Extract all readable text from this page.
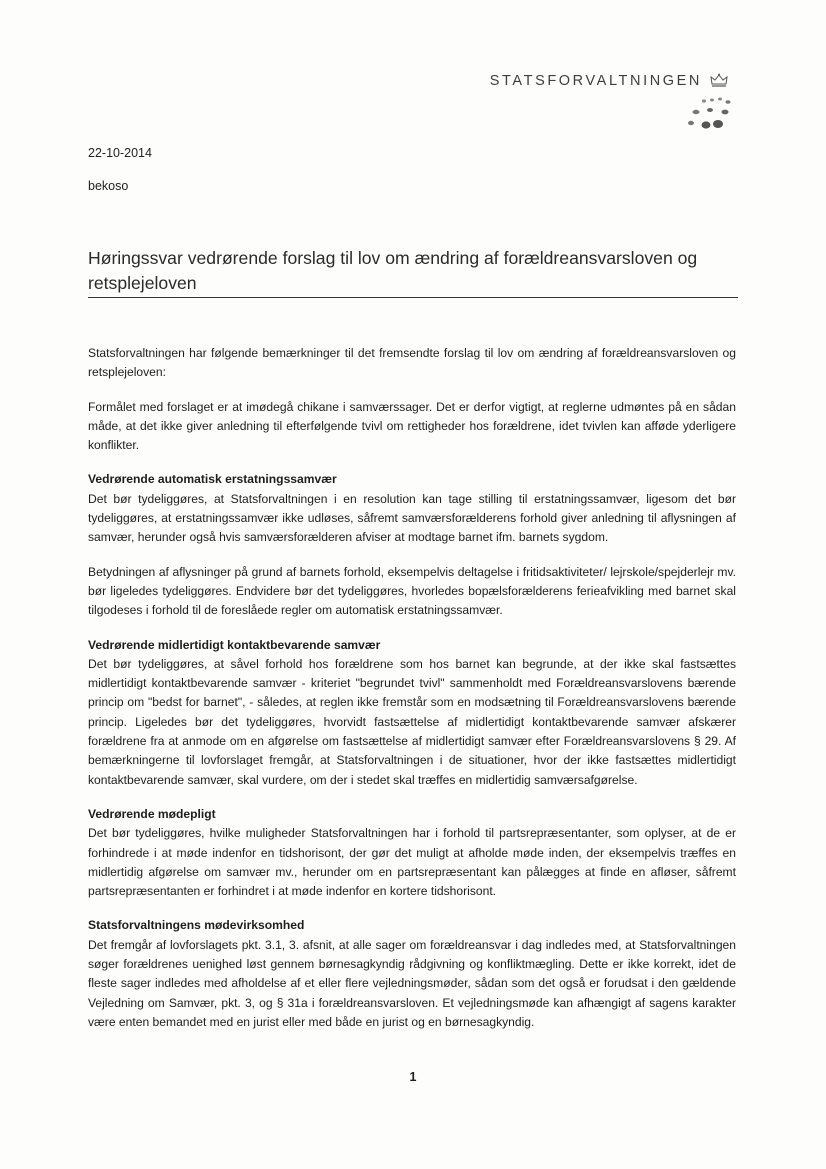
STATSFORVALTNINGEN
22-10-2014
bekoso
Høringssvar vedrørende forslag til lov om ændring af forældreansvarsloven og retsplejeloven

Statsforvaltningen har følgende bemærkninger til det fremsendte forslag til lov om ændring af forældreansvarsloven og retsplejeloven:

Formålet med forslaget er at imødegå chikane i samværssager. Det er derfor vigtigt, at reglerne udmøntes på en sådan måde, at det ikke giver anledning til efterfølgende tvivl om rettigheder hos forældrene, idet tvivlen kan afføde yderligere konflikter.

Vedrørende automatisk erstatningssamvær

Det bør tydeliggøres, at Statsforvaltningen i en resolution kan tage stilling til erstatningssamvær, ligesom det bør tydeliggøres, at erstatningssamvær ikke udløses, såfremt samværsforælderens forhold giver anledning til aflysningen af samvær, herunder også hvis samværsforælderen afviser at modtage barnet ifm. barnets sygdom.

Betydningen af aflysninger på grund af barnets forhold, eksempelvis deltagelse i fritidsaktiviteter/ lejrskole/spejderlejr mv. bør ligeledes tydeliggøres. Endvidere bør det tydeliggøres, hvorledes bopælsforælderens ferieafvikling med barnet skal tilgodeses i forhold til de foreslåede regler om automatisk erstatningssamvær.

Vedrørende midlertidigt kontaktbevarende samvær

Det bør tydeliggøres, at såvel forhold hos forældrene som hos barnet kan begrunde, at der ikke skal fastsættes midlertidigt kontaktbevarende samvær - kriteriet "begrundet tvivl" sammenholdt med Forældreansvarslovens bærende princip om "bedst for barnet", - således, at reglen ikke fremstår som en modsætning til Forældreansvarslovens bærende princip. Ligeledes bør det tydeliggøres, hvorvidt fastsættelse af midlertidigt kontaktbevarende samvær afskærer forældrene fra at anmode om en afgørelse om fastsættelse af midlertidigt samvær efter Forældreansvarslovens § 29. Af bemærkningerne til lovforslaget fremgår, at Statsforvaltningen i de situationer, hvor der ikke fastsættes midlertidigt kontaktbevarende samvær, skal vurdere, om der i stedet skal træffes en midlertidig samværsafgørelse.

Vedrørende mødepligt

Det bør tydeliggøres, hvilke muligheder Statsforvaltningen har i forhold til partsrepræsentanter, som oplyser, at de er forhindrede i at møde indenfor en tidshorisont, der gør det muligt at afholde møde inden, der eksempelvis træffes en midlertidig afgørelse om samvær mv., herunder om en partsrepræsentant kan pålægges at finde en afløser, såfremt partsrepræsentanten er forhindret i at møde indenfor en kortere tidshorisont.

Statsforvaltningens mødevirksomhed

Det fremgår af lovforslagets pkt. 3.1, 3. afsnit, at alle sager om forældreansvar i dag indledes med, at Statsforvaltningen søger forældrenes uenighed løst gennem børnesagkyndig rådgivning og konfliktmægling. Dette er ikke korrekt, idet de fleste sager indledes med afholdelse af et eller flere vejledningsmøder, sådan som det også er forudsat i den gældende Vejledning om Samvær, pkt. 3, og § 31a i forældreansvarsloven. Et vejledningsmøde kan afhængigt af sagens karakter være enten bemandet med en jurist eller med både en jurist og en børnesagkyndig.

1
